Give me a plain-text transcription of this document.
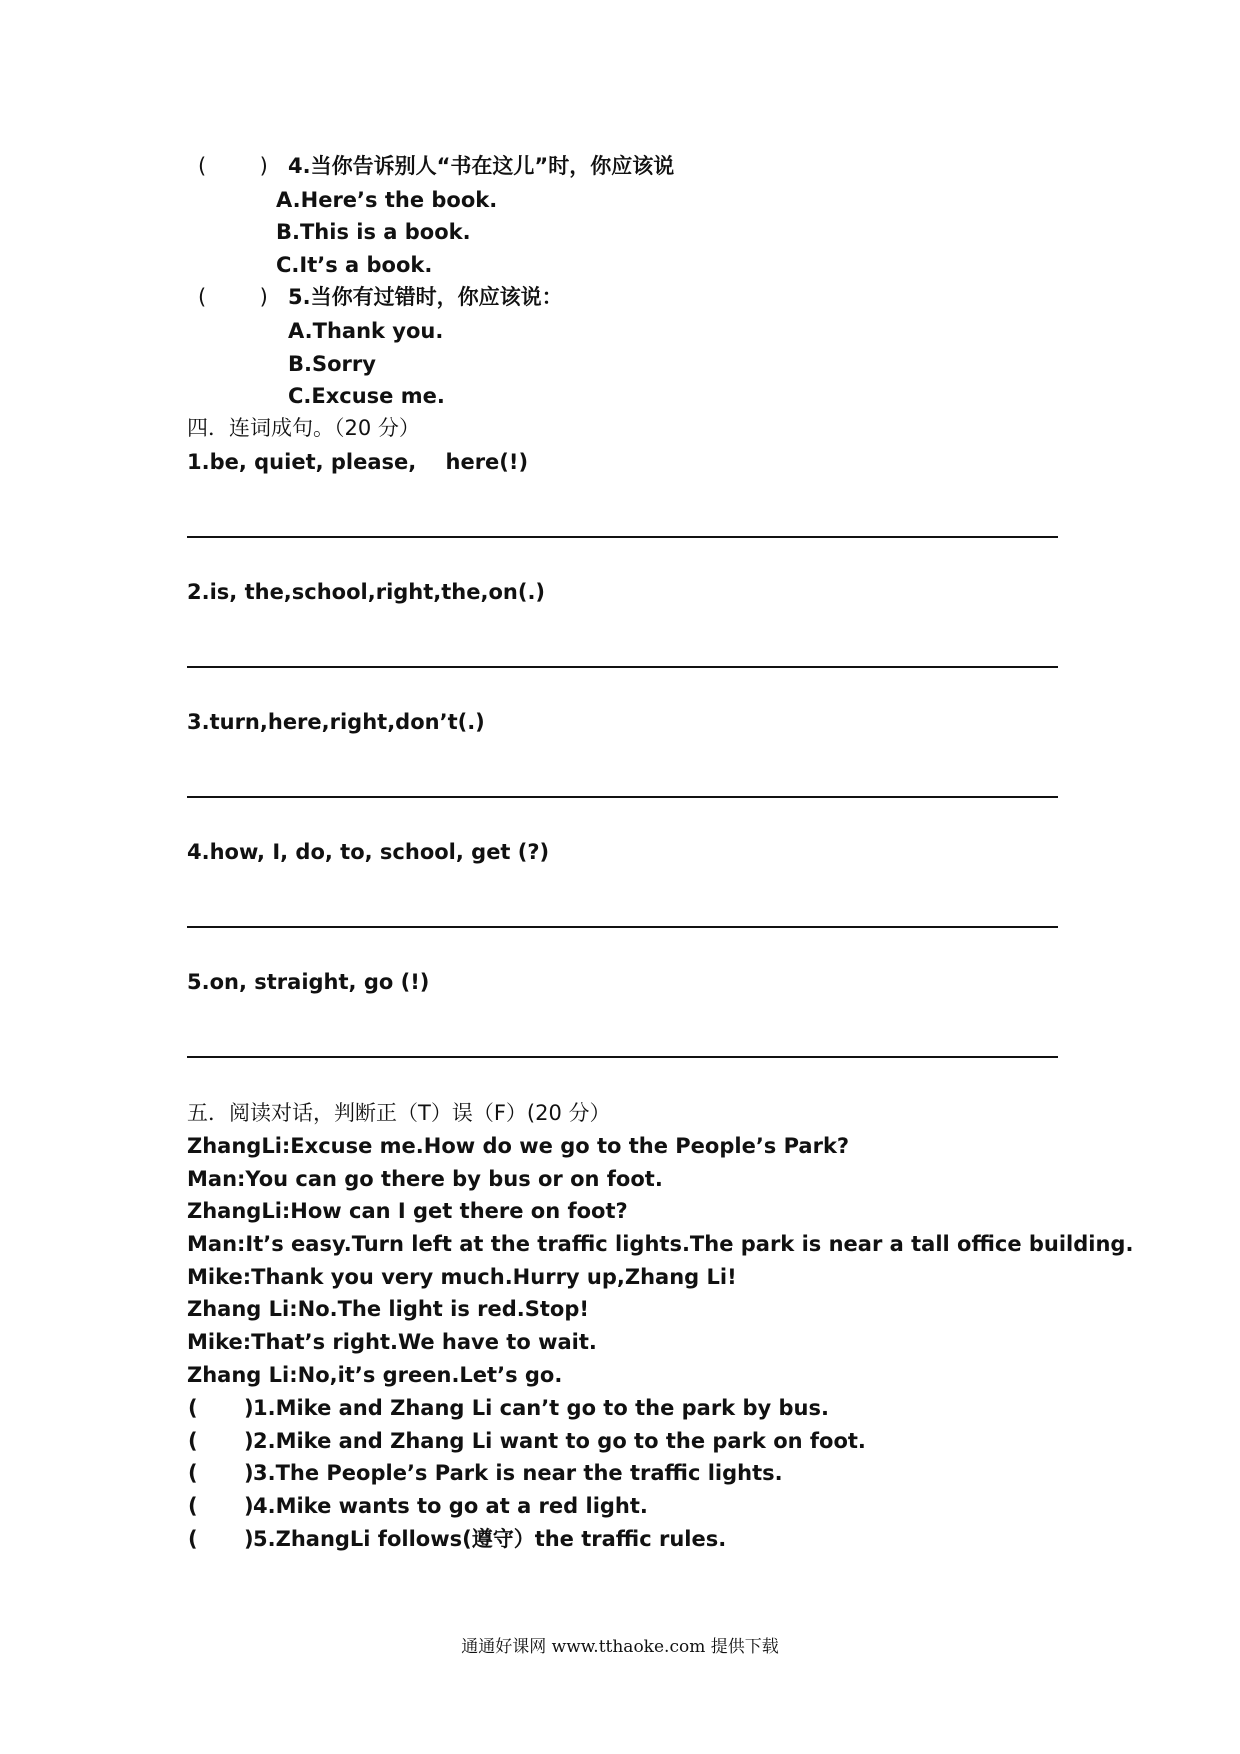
(        ) 4.当你告诉别人“书在这儿”时，你应该说
A.Here’s the book.
B.This is a book.
C.It’s a book.
(        ) 5.当你有过错时，你应该说：
A.Thank you.
B.Sorry
C.Excuse me.
四．连词成句。（20 分）
1.be, quiet, please,    here(!)
2.is, the,school,right,the,on(.)
3.turn,here,right,don’t(.)
4.how, I, do, to, school, get (?)
5.on, straight, go (!)
五．阅读对话，判断正（T）误（F）(20 分）
ZhangLi:Excuse me.How do we go to the People’s Park?
Man:You can go there by bus or on foot.
ZhangLi:How can I get there on foot?
Man:It’s easy.Turn left at the traffic lights.The park is near a tall office building.
Mike:Thank you very much.Hurry up,Zhang Li!
Zhang Li:No.The light is red.Stop!
Mike:That’s right.We have to wait.
Zhang Li:No,it’s green.Let’s go.
( ) 1.Mike and Zhang Li can’t go to the park by bus.
( ) 2.Mike and Zhang Li want to go to the park on foot.
( ) 3.The People’s Park is near the traffic lights.
( ) 4.Mike wants to go at a red light.
( ) 5.ZhangLi follows(遵守）the traffic rules.
通通好课网 www.tthaoke.com 提供下载
